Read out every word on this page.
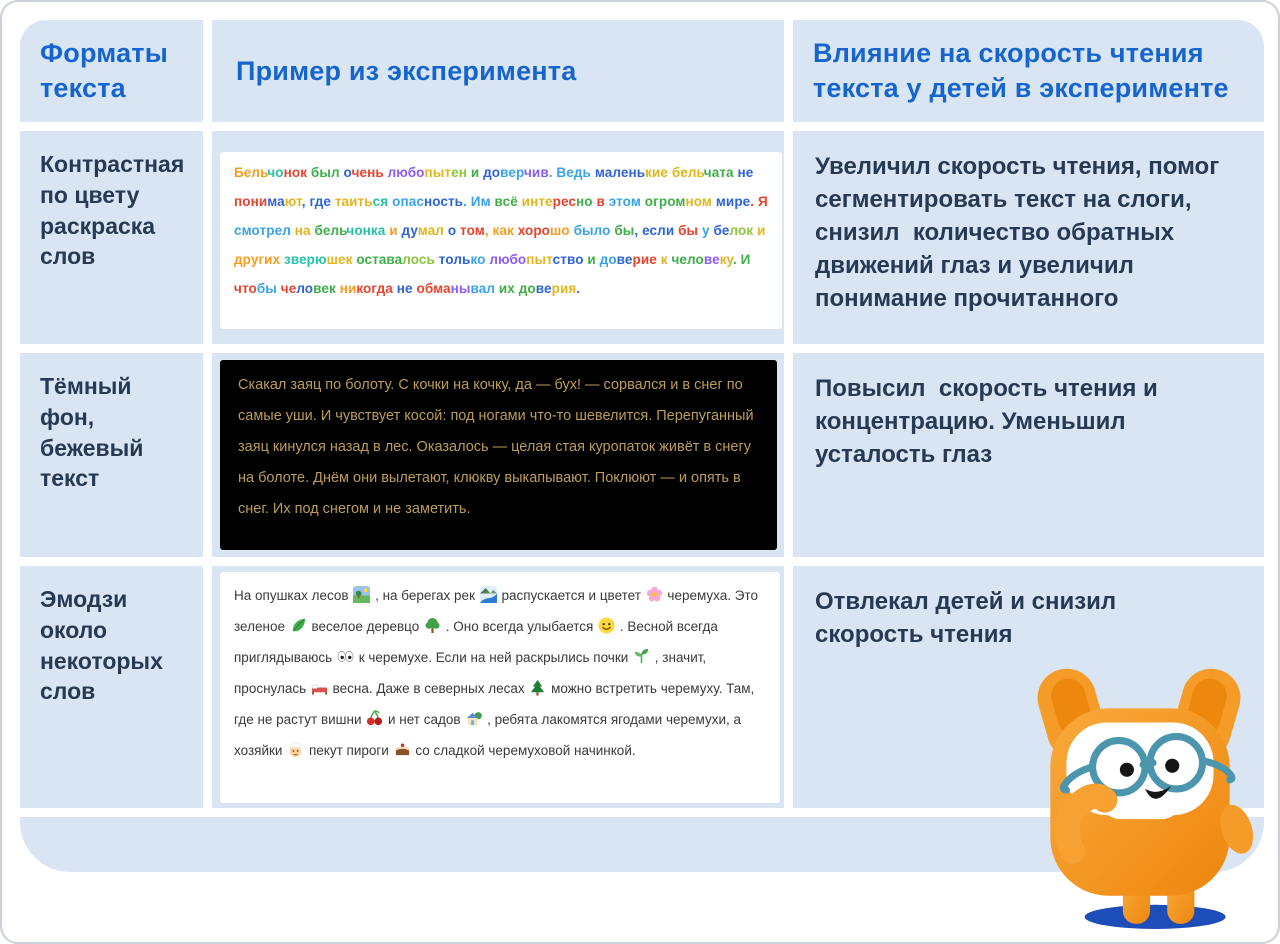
Форматы текста
Пример из эксперимента
Влияние на скорость чтения текста у детей в эксперименте
Контрастная по цвету раскраска слов
Бельчонок был очень любопытен и доверчив. Ведь маленькие бельчата не понимают, где таиться опасность. Им всё интересно в этом огромном мире. Я смотрел на бельчонка и думал о том, как хорошо было бы, если бы у белок и других зверюшек оставалось только любопытство и доверие к человеку. И чтобы человек никогда не обманывал их доверия.
Увеличил скорость чтения, помог сегментировать текст на слоги, снизил  количество обратных движений глаз и увеличил понимание прочитанного
Тёмный фон, бежевый текст
Скакал заяц по болоту. С кочки на кочку, да — бух! — сорвался и в снег по самые уши. И чувствует косой: под ногами что-то шевелится. Перепуганный заяц кинулся назад в лес. Оказалось — целая стая куропаток живёт в снегу на болоте. Днём они вылетают, клюкву выкапывают. Поклюют — и опять в снег. Их под снегом и не заметить.
Повысил  скорость чтения и концентрацию. Уменьшил усталость глаз
Эмодзи около некоторых слов
На опушках лесов  , на берегах рек  распускается и цветет  черемуха. Это зеленое  веселое деревцо  . Оно всегда улыбается  . Весной всегда приглядываюсь  к черемухе. Если на ней раскрылись почки  , значит, проснулась  весна. Даже в северных лесах  можно встретить черемуху. Там, где не растут вишни  и нет садов  , ребята лакомятся ягодами черемухи, а хозяйки  пекут пироги  со сладкой черемуховой начинкой.
Отвлекал детей и снизил скорость чтения
